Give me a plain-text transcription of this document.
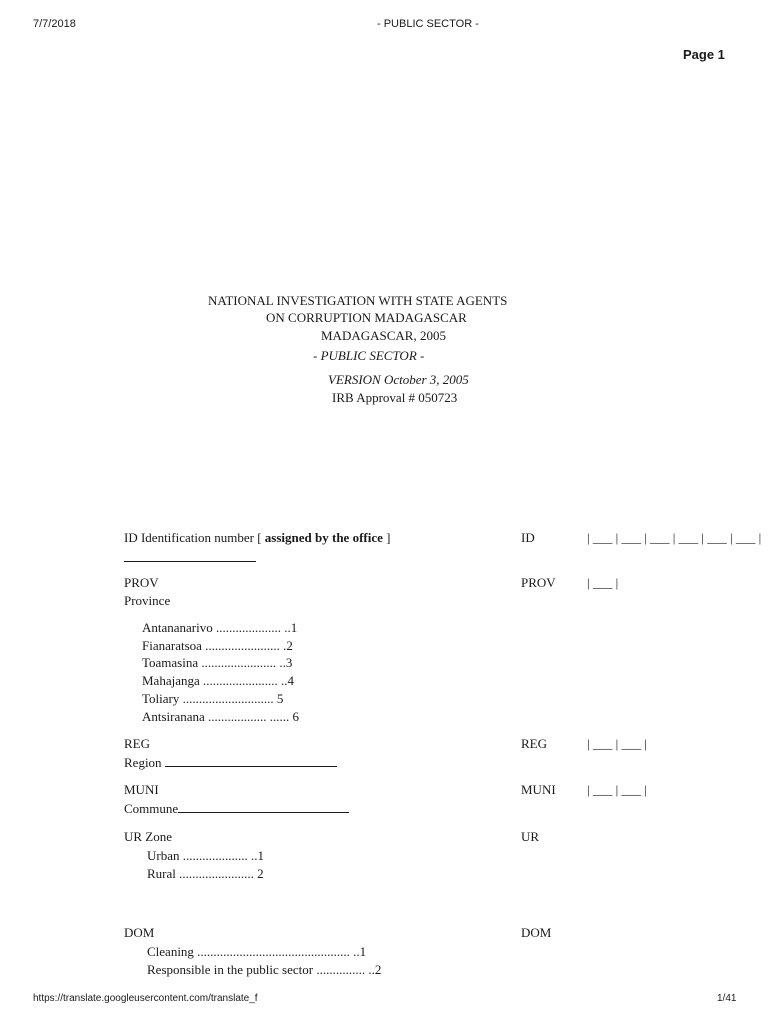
7/7/2018	- PUBLIC SECTOR -
Page 1
NATIONAL INVESTIGATION WITH STATE AGENTS
ON CORRUPTION MADAGASCAR
MADAGASCAR, 2005
- PUBLIC SECTOR -
VERSION October 3, 2005
IRB Approval # 050723
ID Identification number [ assigned by the office ]	ID	| ___ | ___ | ___ | ___ | ___ | ___ |
PROV
Province
PROV | ___ |
Antananarivo .................... ..1
Fianaratsoa ....................... .2
Toamasina ....................... ..3
Mahajanga ....................... ..4
Toliary ............................ 5
Antsiranana .................. ...... 6
REG
Region
REG	| ___ | ___ |
MUNI
Commune
MUNI | ___ | ___ |
UR Zone	UR
Urban .................... ..1
Rural ....................... 2
DOM	DOM
Cleaning ............................................... ..1
Responsible in the public sector ............... ..2
https://translate.googleusercontent.com/translate_f	1/41
